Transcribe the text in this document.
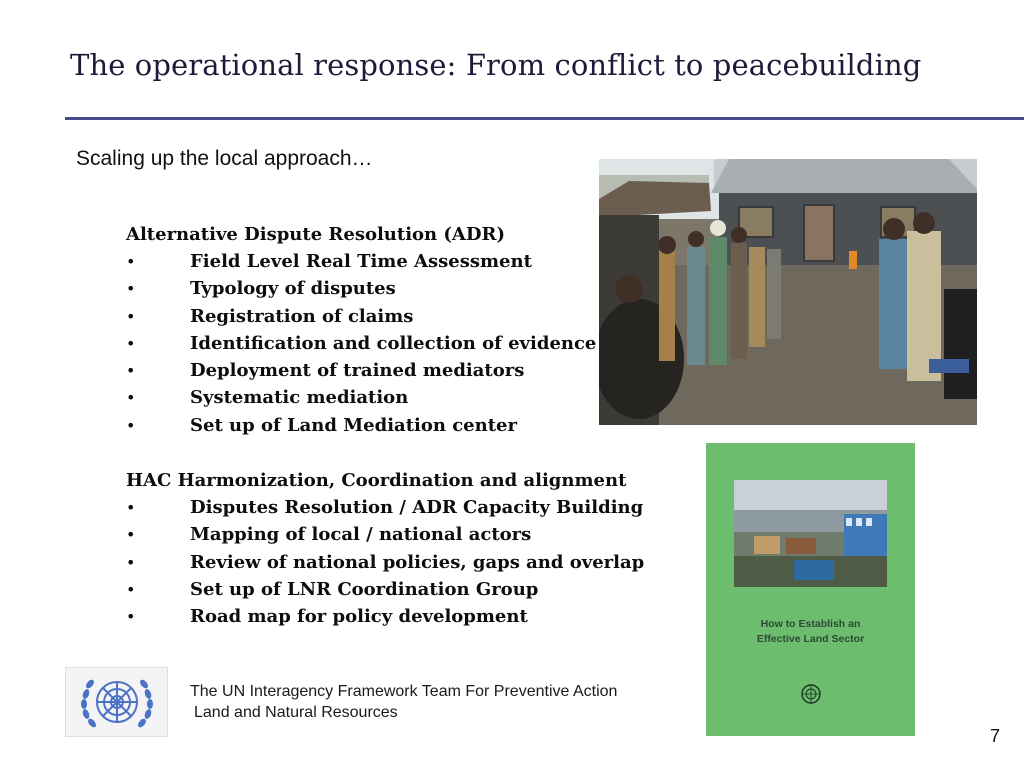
The operational response: From conflict to peacebuilding
Scaling up the local approach…
Alternative Dispute Resolution (ADR)
•	Field Level Real Time Assessment
•	Typology of disputes
•	Registration of claims
•	Identification and collection of evidence
•	Deployment of trained mediators
•	Systematic mediation
•	Set up of Land Mediation center
HAC Harmonization, Coordination and alignment
•	Disputes Resolution / ADR Capacity Building
•	Mapping of local / national actors
•	Review of national policies, gaps and overlap
•	Set up of LNR Coordination Group
•	Road map for policy development	How to Establish an
Effective Land Sector
The UN Interagency Framework Team For Preventive Action
Land and Natural Resources
7
